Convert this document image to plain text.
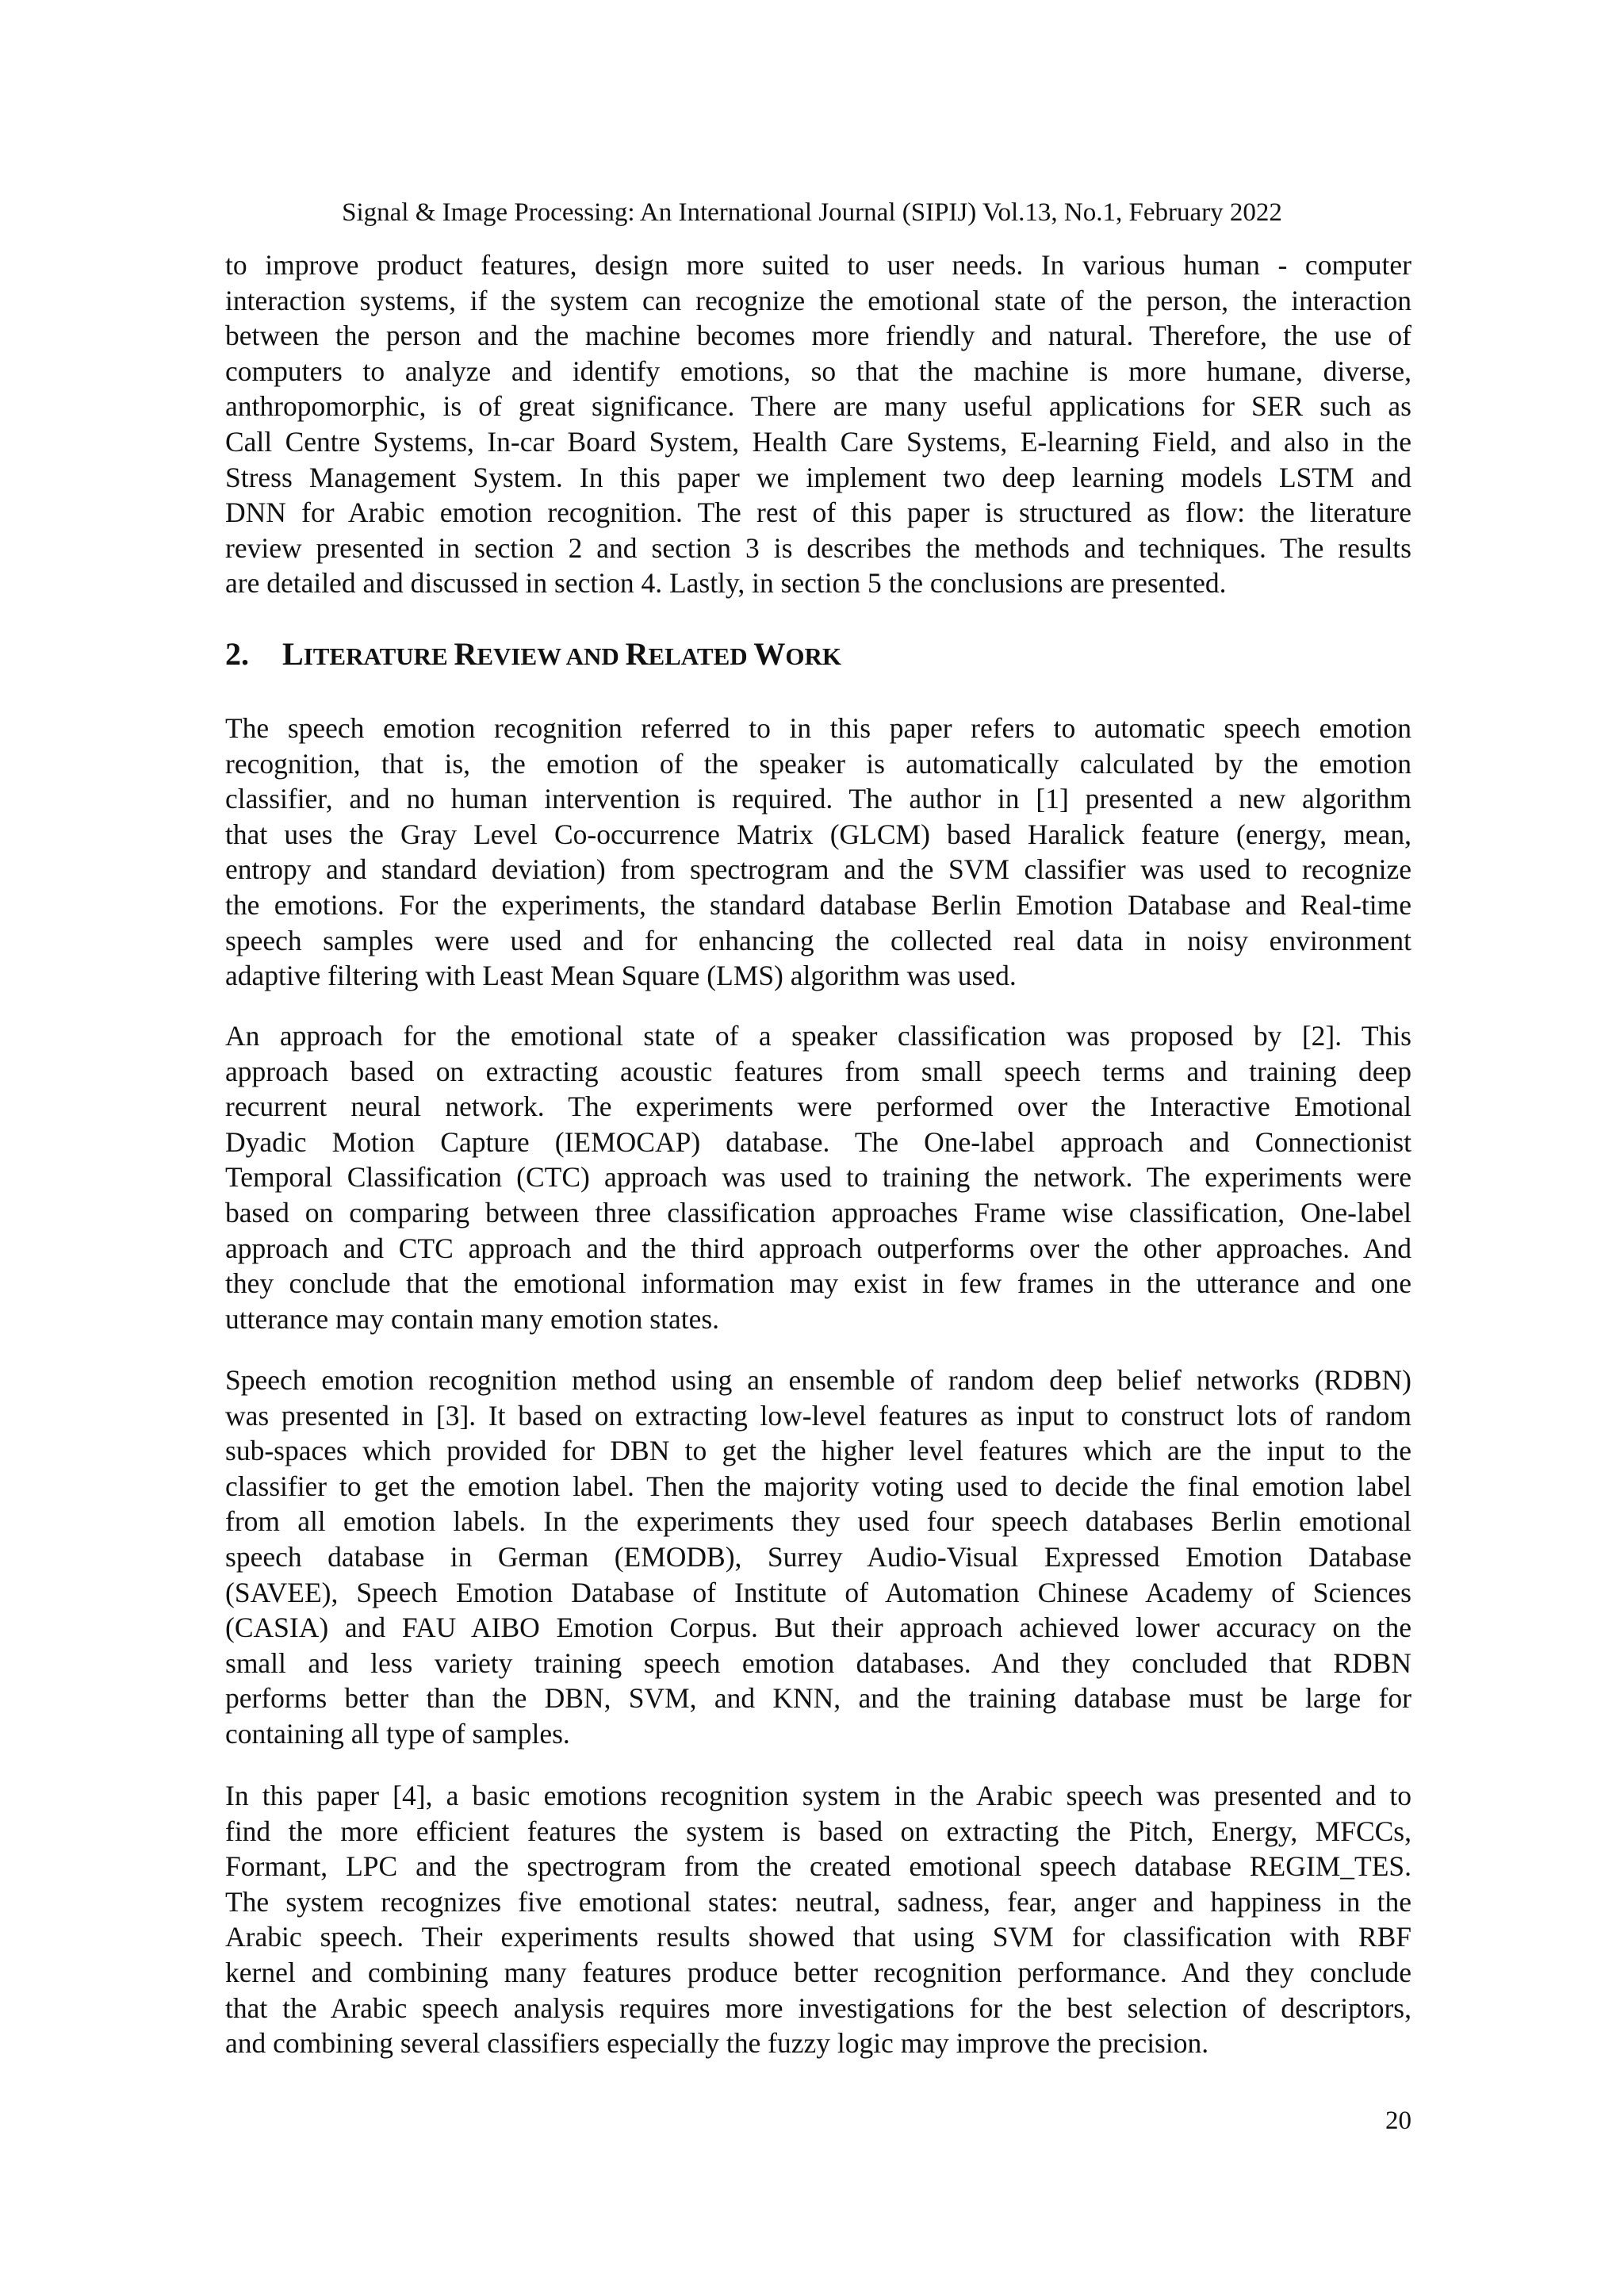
Signal & Image Processing: An International Journal (SIPIJ) Vol.13, No.1, February 2022

to improve product features, design more suited to user needs. In various human - computer
interaction systems, if the system can recognize the emotional state of the person, the interaction
between the person and the machine becomes more friendly and natural. Therefore, the use of
computers to analyze and identify emotions, so that the machine is more humane, diverse,
anthropomorphic, is of great significance. There are many useful applications for SER such as
Call Centre Systems, In-car Board System, Health Care Systems, E-learning Field, and also in the
Stress Management System. In this paper we implement two deep learning models LSTM and
DNN for Arabic emotion recognition. The rest of this paper is structured as flow: the literature
review presented in section 2 and section 3 is describes the methods and techniques. The results
are detailed and discussed in section 4. Lastly, in section 5 the conclusions are presented.

2. LITERATURE REVIEW AND RELATED WORK

The speech emotion recognition referred to in this paper refers to automatic speech emotion
recognition, that is, the emotion of the speaker is automatically calculated by the emotion
classifier, and no human intervention is required. The author in [1] presented a new algorithm
that uses the Gray Level Co-occurrence Matrix (GLCM) based Haralick feature (energy, mean,
entropy and standard deviation) from spectrogram and the SVM classifier was used to recognize
the emotions. For the experiments, the standard database Berlin Emotion Database and Real-time
speech samples were used and for enhancing the collected real data in noisy environment
adaptive filtering with Least Mean Square (LMS) algorithm was used.

An approach for the emotional state of a speaker classification was proposed by [2]. This
approach based on extracting acoustic features from small speech terms and training deep
recurrent neural network. The experiments were performed over the Interactive Emotional
Dyadic Motion Capture (IEMOCAP) database. The One-label approach and Connectionist
Temporal Classification (CTC) approach was used to training the network. The experiments were
based on comparing between three classification approaches Frame wise classification, One-label
approach and CTC approach and the third approach outperforms over the other approaches. And
they conclude that the emotional information may exist in few frames in the utterance and one
utterance may contain many emotion states.

Speech emotion recognition method using an ensemble of random deep belief networks (RDBN)
was presented in [3]. It based on extracting low-level features as input to construct lots of random
sub-spaces which provided for DBN to get the higher level features which are the input to the
classifier to get the emotion label. Then the majority voting used to decide the final emotion label
from all emotion labels. In the experiments they used four speech databases Berlin emotional
speech database in German (EMODB), Surrey Audio-Visual Expressed Emotion Database
(SAVEE), Speech Emotion Database of Institute of Automation Chinese Academy of Sciences
(CASIA) and FAU AIBO Emotion Corpus. But their approach achieved lower accuracy on the
small and less variety training speech emotion databases. And they concluded that RDBN
performs better than the DBN, SVM, and KNN, and the training database must be large for
containing all type of samples.

In this paper [4], a basic emotions recognition system in the Arabic speech was presented and to
find the more efficient features the system is based on extracting the Pitch, Energy, MFCCs,
Formant, LPC and the spectrogram from the created emotional speech database REGIM_TES.
The system recognizes five emotional states: neutral, sadness, fear, anger and happiness in the
Arabic speech. Their experiments results showed that using SVM for classification with RBF
kernel and combining many features produce better recognition performance. And they conclude
that the Arabic speech analysis requires more investigations for the best selection of descriptors,
and combining several classifiers especially the fuzzy logic may improve the precision.

20
